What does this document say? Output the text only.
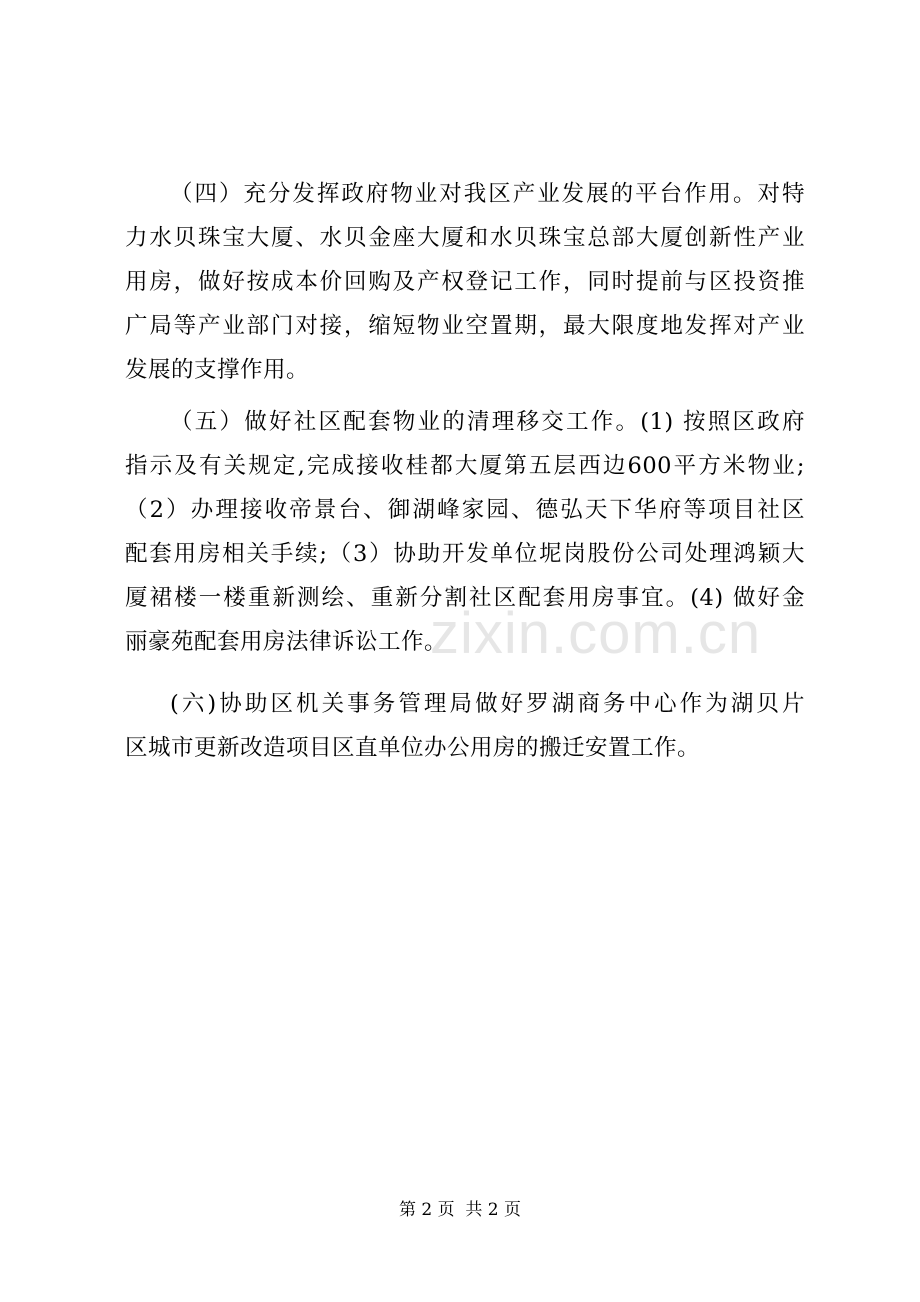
（四）充分发挥政府物业对我区产业发展的平台作用。对特
力水贝珠宝大厦、水贝金座大厦和水贝珠宝总部大厦创新性产业
用房，做好按成本价回购及产权登记工作，同时提前与区投资推
广局等产业部门对接，缩短物业空置期，最大限度地发挥对产业
发展的支撑作用。
（五）做好社区配套物业的清理移交工作。(1) 按照区政府
指示及有关规定,完成接收桂都大厦第五层西边600平方米物业;
（2）办理接收帝景台、御湖峰家园、德弘天下华府等项目社区
配套用房相关手续;（3）协助开发单位坭岗股份公司处理鸿颖大
厦裙楼一楼重新测绘、重新分割社区配套用房事宜。(4) 做好金
丽豪苑配套用房法律诉讼工作。
(六)协助区机关事务管理局做好罗湖商务中心作为湖贝片
区城市更新改造项目区直单位办公用房的搬迁安置工作。
zixin.com.cn
第 2 页  共 2 页
